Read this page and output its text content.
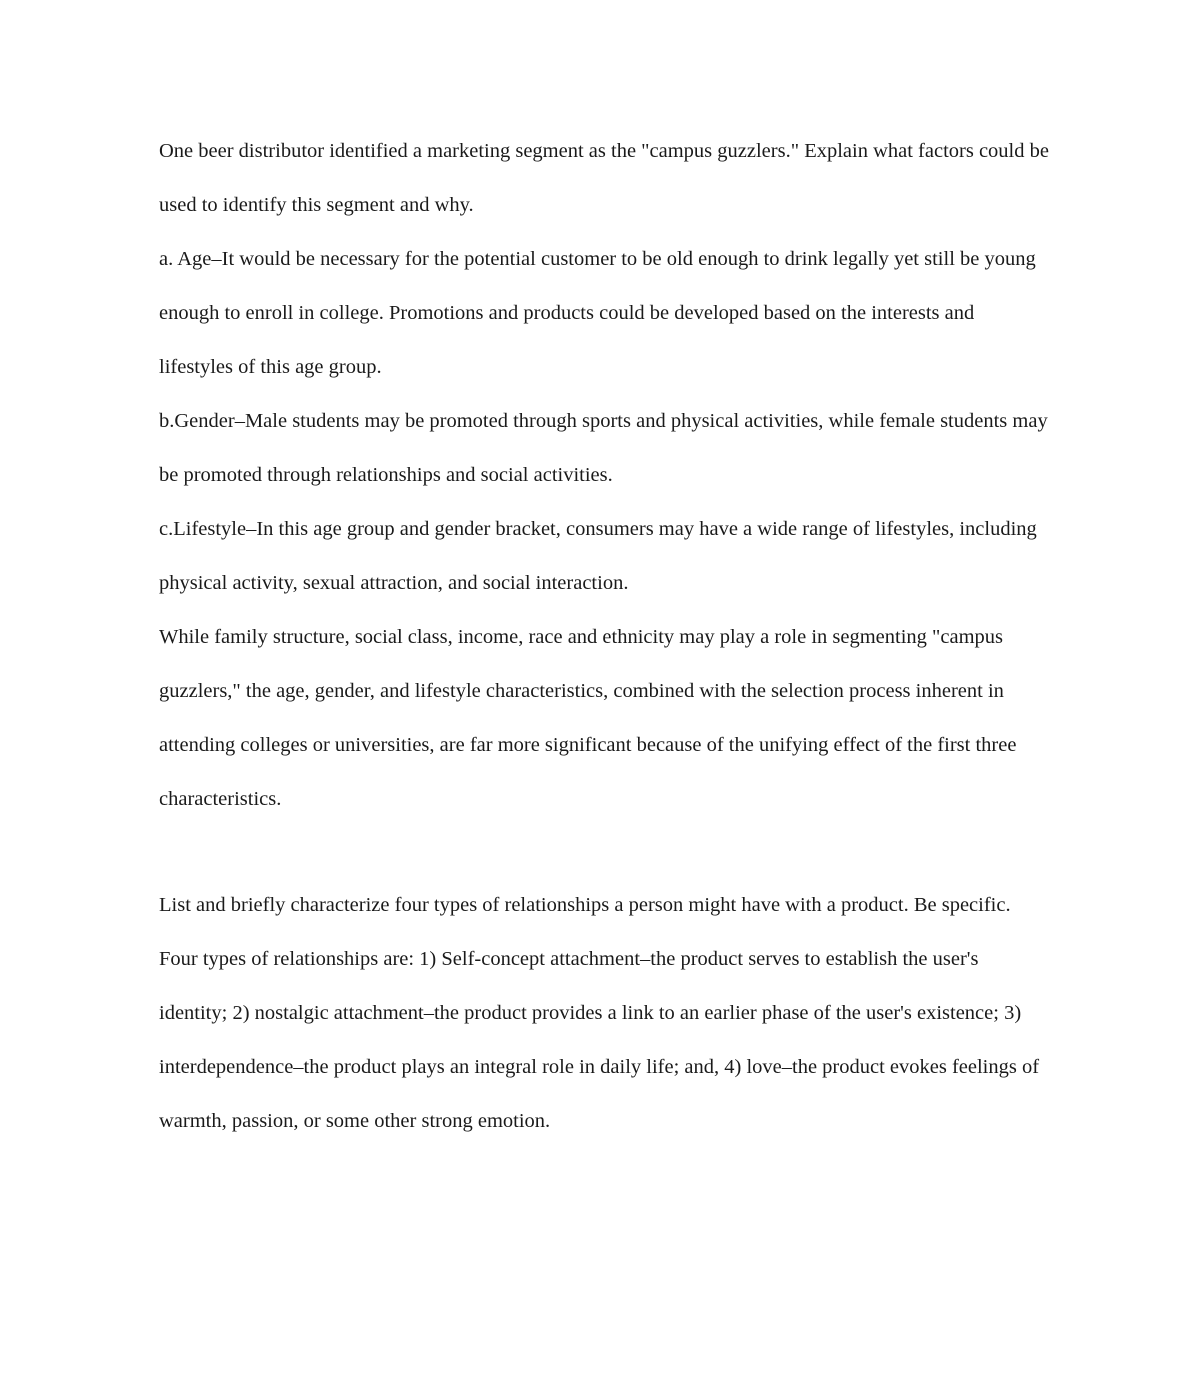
One beer distributor identified a marketing segment as the "campus guzzlers." Explain what factors could be used to identify this segment and why.

a. Age–It would be necessary for the potential customer to be old enough to drink legally yet still be young enough to enroll in college. Promotions and products could be developed based on the interests and lifestyles of this age group.

b.Gender–Male students may be promoted through sports and physical activities, while female students may be promoted through relationships and social activities.

c.Lifestyle–In this age group and gender bracket, consumers may have a wide range of lifestyles, including physical activity, sexual attraction, and social interaction.

While family structure, social class, income, race and ethnicity may play a role in segmenting "campus guzzlers," the age, gender, and lifestyle characteristics, combined with the selection process inherent in attending colleges or universities, are far more significant because of the unifying effect of the first three characteristics.

List and briefly characterize four types of relationships a person might have with a product. Be specific.

Four types of relationships are: 1) Self-concept attachment–the product serves to establish the user's identity; 2) nostalgic attachment–the product provides a link to an earlier phase of the user's existence; 3) interdependence–the product plays an integral role in daily life; and, 4) love–the product evokes feelings of warmth, passion, or some other strong emotion.
